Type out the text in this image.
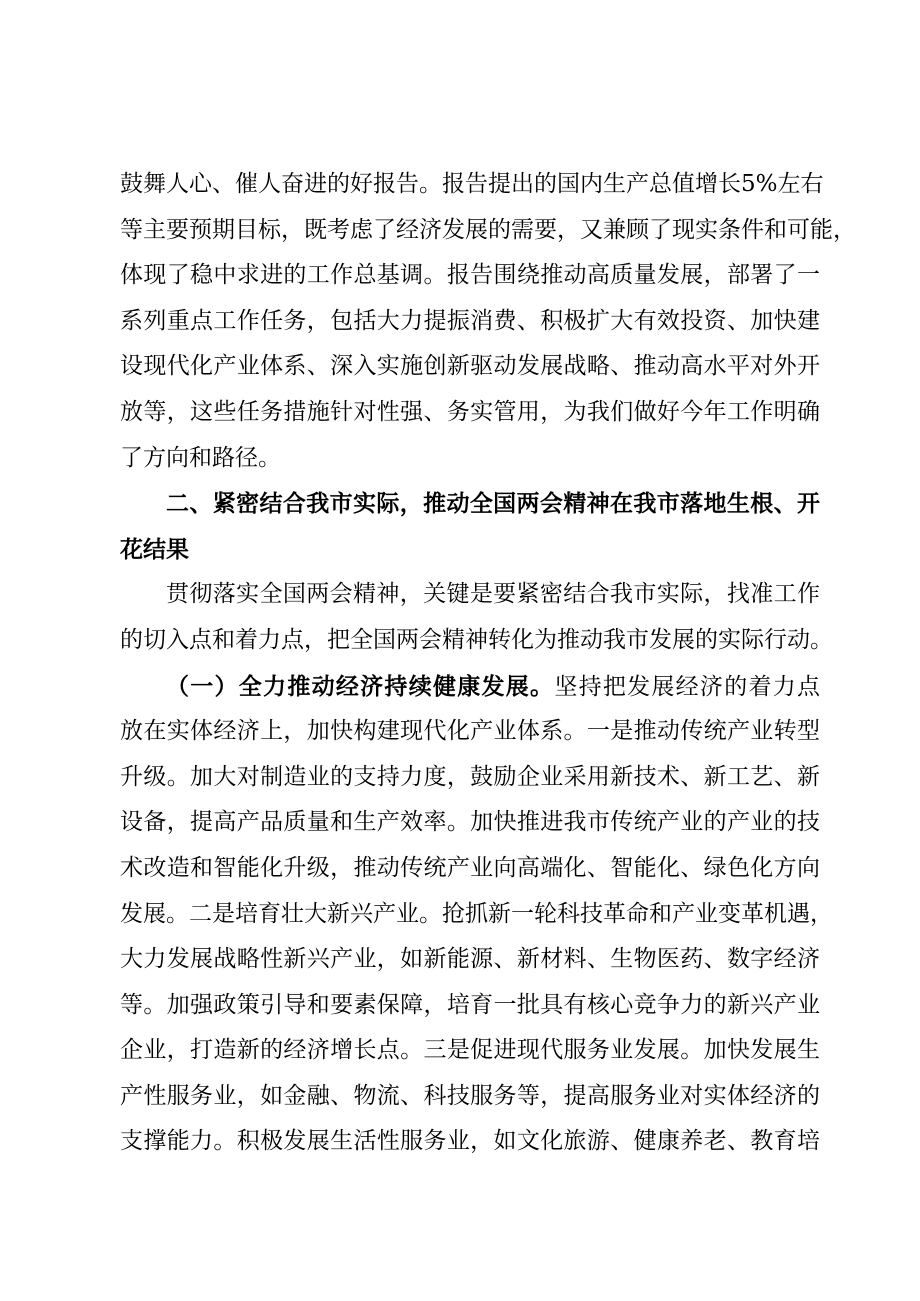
鼓舞人心、催人奋进的好报告。报告提出的国内生产总值增长5%左右
等主要预期目标，既考虑了经济发展的需要，又兼顾了现实条件和可能，
体现了稳中求进的工作总基调。报告围绕推动高质量发展，部署了一
系列重点工作任务，包括大力提振消费、积极扩大有效投资、加快建
设现代化产业体系、深入实施创新驱动发展战略、推动高水平对外开
放等，这些任务措施针对性强、务实管用，为我们做好今年工作明确
了方向和路径。
二、紧密结合我市实际，推动全国两会精神在我市落地生根、开
花结果
贯彻落实全国两会精神，关键是要紧密结合我市实际，找准工作
的切入点和着力点，把全国两会精神转化为推动我市发展的实际行动。
（一）全力推动经济持续健康发展。坚持把发展经济的着力点
放在实体经济上，加快构建现代化产业体系。一是推动传统产业转型
升级。加大对制造业的支持力度，鼓励企业采用新技术、新工艺、新
设备，提高产品质量和生产效率。加快推进我市传统产业的产业的技
术改造和智能化升级，推动传统产业向高端化、智能化、绿色化方向
发展。二是培育壮大新兴产业。抢抓新一轮科技革命和产业变革机遇，
大力发展战略性新兴产业，如新能源、新材料、生物医药、数字经济
等。加强政策引导和要素保障，培育一批具有核心竞争力的新兴产业
企业，打造新的经济增长点。三是促进现代服务业发展。加快发展生
产性服务业，如金融、物流、科技服务等，提高服务业对实体经济的
支撑能力。积极发展生活性服务业，如文化旅游、健康养老、教育培
